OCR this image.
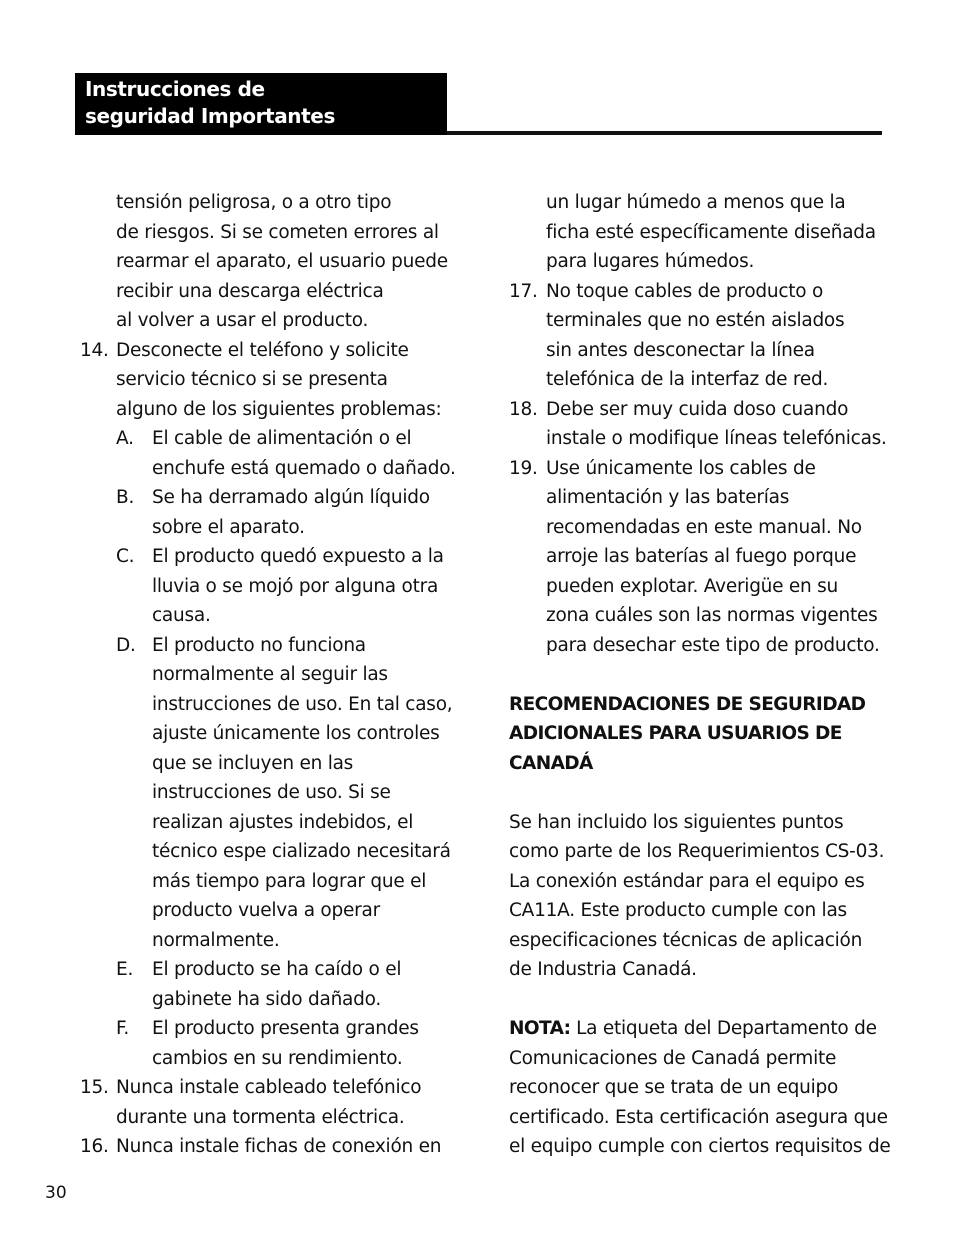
Instrucciones de
seguridad Importantes
tensión peligrosa, o a otro tipo
de riesgos. Si se cometen errores al
rearmar el aparato, el usuario puede
recibir una descarga eléctrica
al volver a usar el producto.
14. Desconecte el teléfono y solicite
servicio técnico si se presenta
alguno de los siguientes problemas:
A. El cable de alimentación o el
enchufe está quemado o dañado.
B. Se ha derramado algún líquido
sobre el aparato.
C. El producto quedó expuesto a la
lluvia o se mojó por alguna otra
causa.
D. El producto no funciona
normalmente al seguir las
instrucciones de uso. En tal caso,
ajuste únicamente los controles
que se incluyen en las
instrucciones de uso. Si se
realizan ajustes indebidos, el
técnico espe cializado necesitará
más tiempo para lograr que el
producto vuelva a operar
normalmente.
E. El producto se ha caído o el
gabinete ha sido dañado.
F. El producto presenta grandes
cambios en su rendimiento.
15. Nunca instale cableado telefónico
durante una tormenta eléctrica.
16. Nunca instale fichas de conexión en
un lugar húmedo a menos que la
ficha esté específicamente diseñada
para lugares húmedos.
17. No toque cables de producto o
terminales que no estén aislados
sin antes desconectar la línea
telefónica de la interfaz de red.
18. Debe ser muy cuida doso cuando
instale o modifique líneas telefónicas.
19. Use únicamente los cables de
alimentación y las baterías
recomendadas en este manual. No
arroje las baterías al fuego porque
pueden explotar. Averigüe en su
zona cuáles son las normas vigentes
para desechar este tipo de producto.
RECOMENDACIONES DE SEGURIDAD
ADICIONALES PARA USUARIOS DE
CANADÁ
Se han incluido los siguientes puntos
como parte de los Requerimientos CS-03.
La conexión estándar para el equipo es
CA11A. Este producto cumple con las
especificaciones técnicas de aplicación
de Industria Canadá.
NOTA: La etiqueta del Departamento de
Comunicaciones de Canadá permite
reconocer que se trata de un equipo
certificado. Esta certificación asegura que
el equipo cumple con ciertos requisitos de
30
